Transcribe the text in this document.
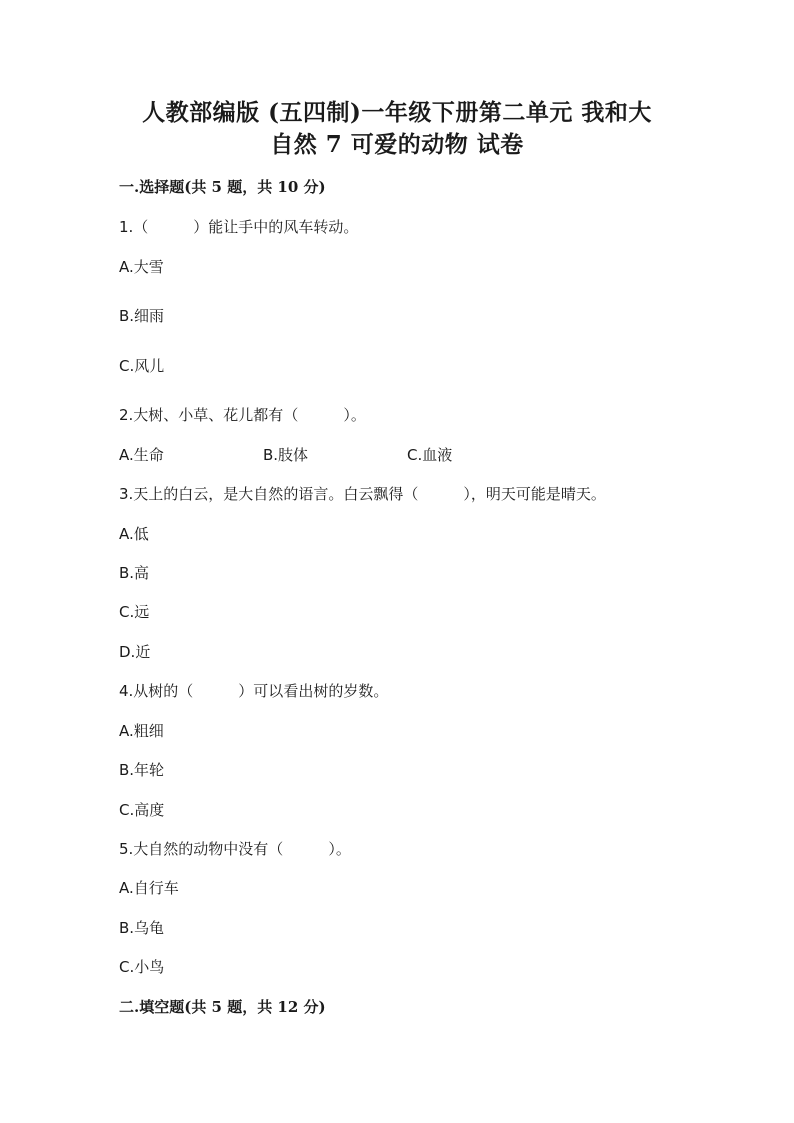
人教部编版 (五四制)一年级下册第二单元 我和大
自然 7 可爱的动物 试卷
一.选择题(共 5 题，共 10 分)
1.（　　　）能让手中的风车转动。
A.大雪
B.细雨
C.风儿
2.大树、小草、花儿都有（　　　）。
A.生命	B.肢体	C.血液
3.天上的白云，是大自然的语言。白云飘得（　　　），明天可能是晴天。
A.低
B.高
C.远
D.近
4.从树的（　　　）可以看出树的岁数。
A.粗细
B.年轮
C.高度
5.大自然的动物中没有（　　　）。
A.自行车
B.乌龟
C.小鸟
二.填空题(共 5 题，共 12 分)
